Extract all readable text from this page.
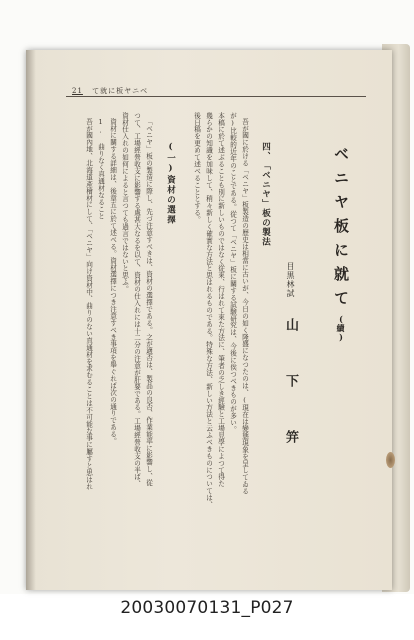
21 て就に板ヤニベ
ベニヤ板に就て(續)
目黒林試
山 下 笄
四、「ベニヤ」板の製法
吾が國に於ける「ベニヤ」板製造の歴史は相當に古いが、今日の如く隆盛になつたのは、(現在は變態現象を呈してゐる
が)比較的近年のことである。從つて「ベニヤ」板に關する試驗研究は、今後に俟つべきものが多い。
本稿に於て述ぶることも別に新しいものではなく從來、行はれて來た方法に、筆者の乏しき經驗と工場見學によつて得た
幾らかの知識を加味して、稍々新しく確實な方法と思はれるものである。特殊な方法、新しい方法と云ふべきものについては、
後日稿を更めて述べることとする。
(一)資材の選擇
「ベニヤ」板の製造に際し、先づ注意すべきは、資材の選擇である。之が適否は、製品の良否、作業能率に影響し、從
つて、工場經營收支に影響する處甚大なるを以て、資材の仕入れには十二分の注意が肝要である。工場經營收支の半ば、
資材仕入れの如何によると言つても過言ではないと思ふ。
資材に關する詳細は、後章五に於て述べる。資材選擇につき注意すべき事項を舉ぐれば次の通りである。
1. 曲りなく真通材なること
吾が國內地、北海道產檜材にして、「ベニヤ」向け資材中、曲りのない真通材を求むることは不可能な事に屬すと思はれ
20030070131_P027
